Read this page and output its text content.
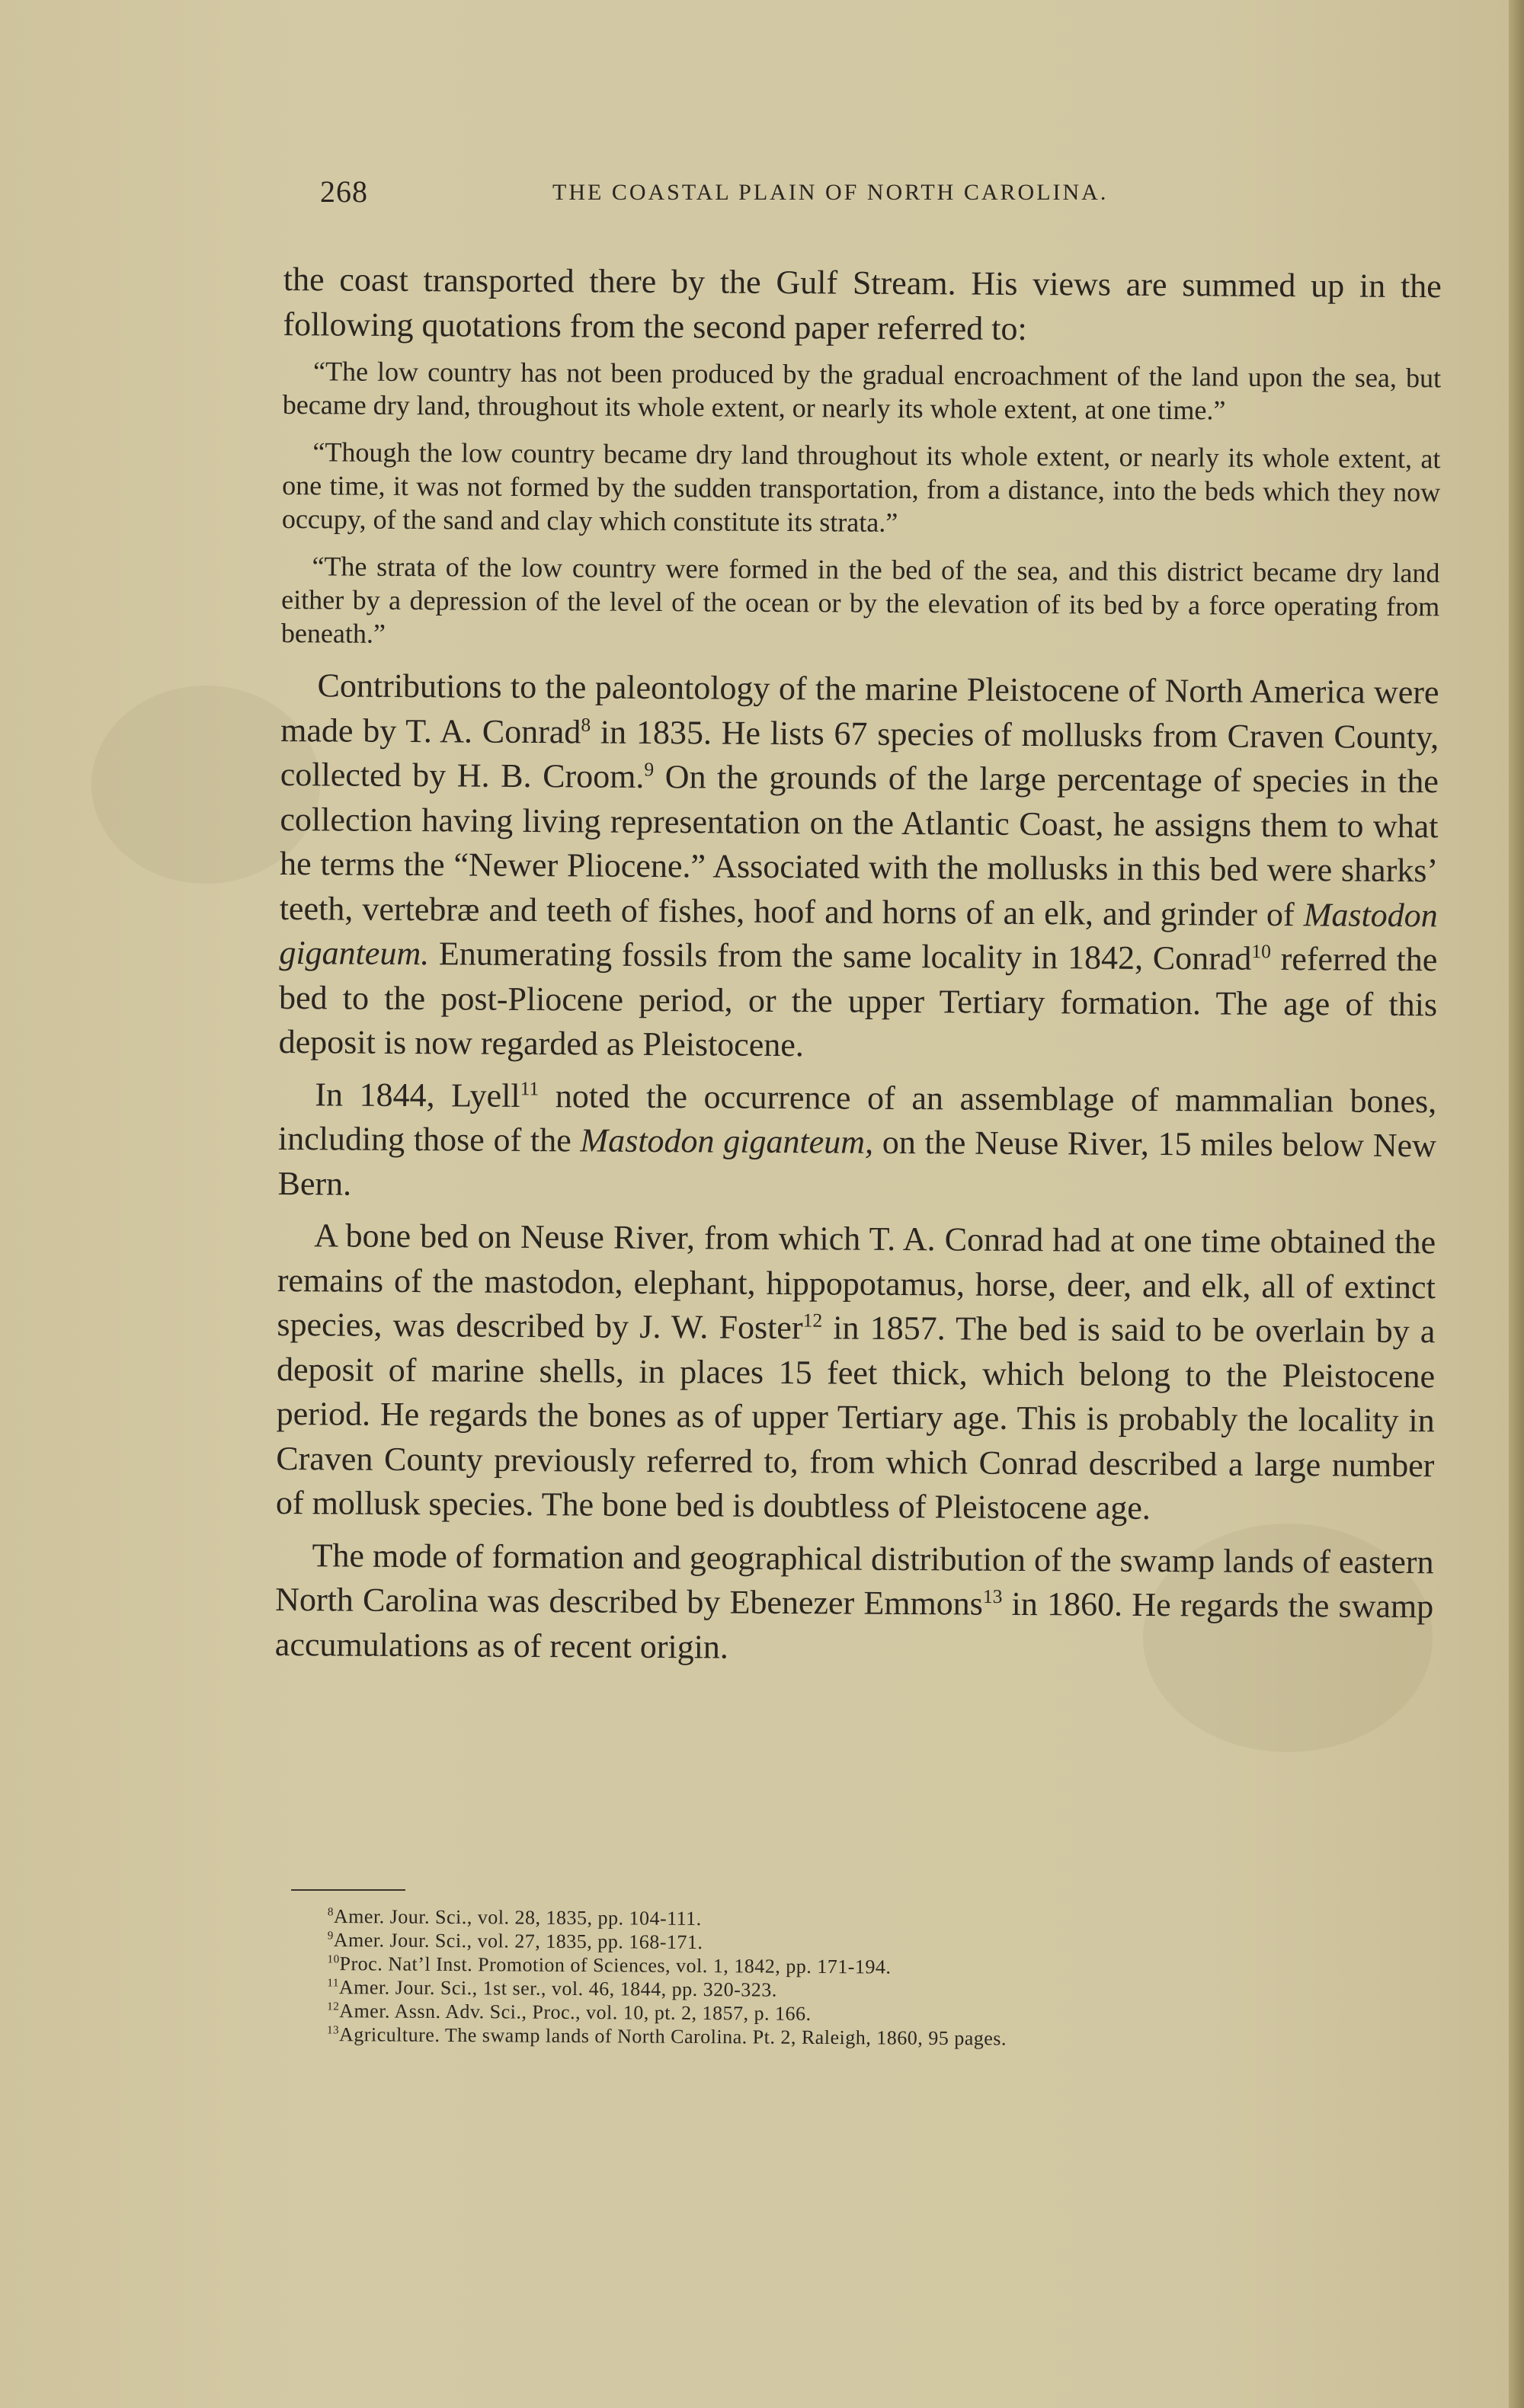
268	THE COASTAL PLAIN OF NORTH CAROLINA.

the coast transported there by the Gulf Stream. His views are summed up in the following quotations from the second paper referred to:

“The low country has not been produced by the gradual encroachment of the land upon the sea, but became dry land, throughout its whole extent, or nearly its whole extent, at one time.”

“Though the low country became dry land throughout its whole extent, or nearly its whole extent, at one time, it was not formed by the sudden transportation, from a distance, into the beds which they now occupy, of the sand and clay which constitute its strata.”

“The strata of the low country were formed in the bed of the sea, and this district became dry land either by a depression of the level of the ocean or by the elevation of its bed by a force operating from beneath.”

Contributions to the paleontology of the marine Pleistocene of North America were made by T. A. Conrad$^8$ in 1835. He lists 67 species of mollusks from Craven County, collected by H. B. Croom.$^9$ On the grounds of the large percentage of species in the collection having living representation on the Atlantic Coast, he assigns them to what he terms the “Newer Pliocene.” Associated with the mollusks in this bed were sharks’ teeth, vertebræ and teeth of fishes, hoof and horns of an elk, and grinder of Mastodon giganteum. Enumerating fossils from the same locality in 1842, Conrad$^{10}$ referred the bed to the post-Pliocene period, or the upper Tertiary formation. The age of this deposit is now regarded as Pleistocene.

In 1844, Lyell$^{11}$ noted the occurrence of an assemblage of mammalian bones, including those of the Mastodon giganteum, on the Neuse River, 15 miles below New Bern.

A bone bed on Neuse River, from which T. A. Conrad had at one time obtained the remains of the mastodon, elephant, hippopotamus, horse, deer, and elk, all of extinct species, was described by J. W. Foster$^{12}$ in 1857. The bed is said to be overlain by a deposit of marine shells, in places 15 feet thick, which belong to the Pleistocene period. He regards the bones as of upper Tertiary age. This is probably the locality in Craven County previously referred to, from which Conrad described a large number of mollusk species. The bone bed is doubtless of Pleistocene age.

The mode of formation and geographical distribution of the swamp lands of eastern North Carolina was described by Ebenezer Emmons$^{13}$ in 1860. He regards the swamp accumulations as of recent origin.

$^8$Amer. Jour. Sci., vol. 28, 1835, pp. 104-111.
$^9$Amer. Jour. Sci., vol. 27, 1835, pp. 168-171.
$^{10}$Proc. Nat’l Inst. Promotion of Sciences, vol. 1, 1842, pp. 171-194.
$^{11}$Amer. Jour. Sci., 1st ser., vol. 46, 1844, pp. 320-323.
$^{12}$Amer. Assn. Adv. Sci., Proc., vol. 10, pt. 2, 1857, p. 166.
$^{13}$Agriculture. The swamp lands of North Carolina. Pt. 2, Raleigh, 1860, 95 pages.
